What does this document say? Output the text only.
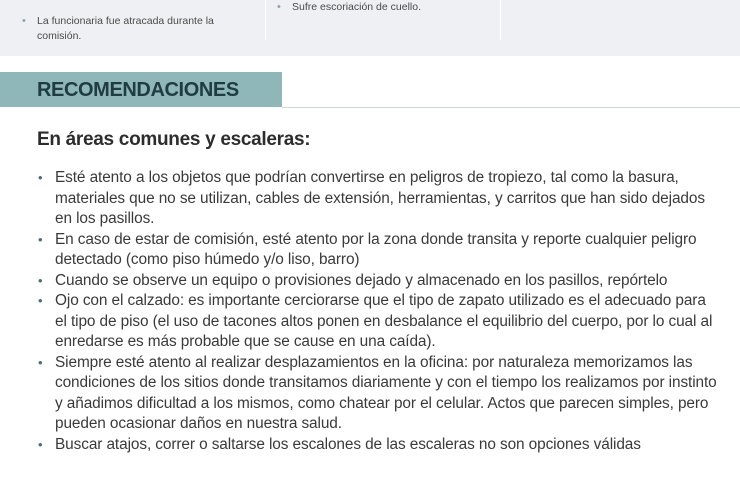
• La funcionaria fue atracada durante la comisión.
• Sufre escoriación de cuello.
RECOMENDACIONES
En áreas comunes y escaleras:
• Esté atento a los objetos que podrían convertirse en peligros de tropiezo, tal como la basura, materiales que no se utilizan, cables de extensión, herramientas, y carritos que han sido dejados en los pasillos.
• En caso de estar de comisión, esté atento por la zona donde transita y reporte cualquier peligro detectado (como piso húmedo y/o liso, barro)
• Cuando se observe un equipo o provisiones dejado y almacenado en los pasillos, repórtelo
• Ojo con el calzado: es importante cerciorarse que el tipo de zapato utilizado es el adecuado para el tipo de piso (el uso de tacones altos ponen en desbalance el equilibrio del cuerpo, por lo cual al enredarse es más probable que se cause en una caída).
• Siempre esté atento al realizar desplazamientos en la oficina: por naturaleza memorizamos las condiciones de los sitios donde transitamos diariamente y con el tiempo los realizamos por instinto y añadimos dificultad a los mismos, como chatear por el celular. Actos que parecen simples, pero pueden ocasionar daños en nuestra salud.
• Buscar atajos, correr o saltarse los escalones de las escaleras no son opciones válidas
